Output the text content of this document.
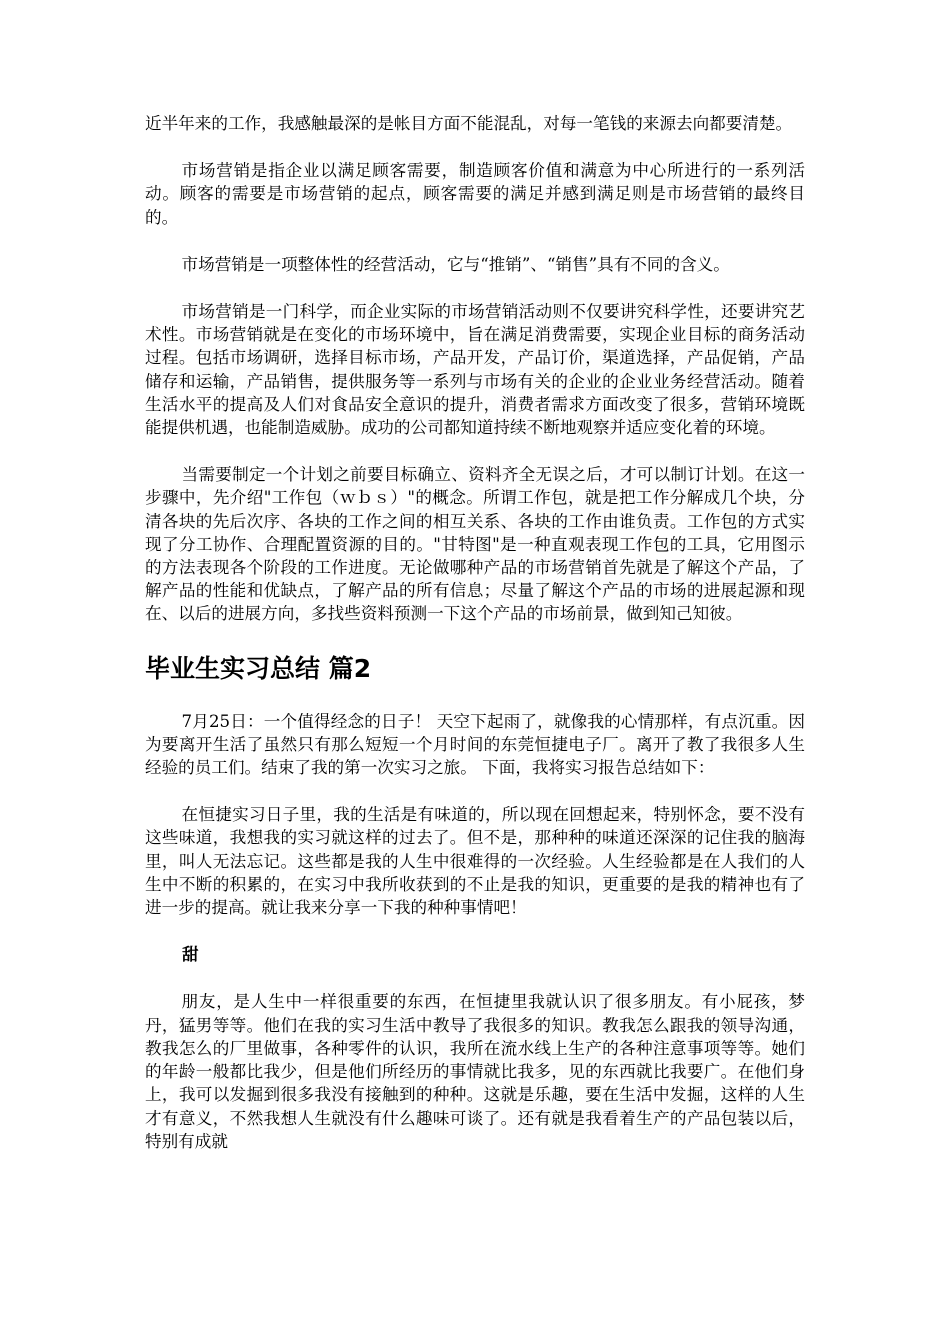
近半年来的工作，我感触最深的是帐目方面不能混乱，对每一笔钱的来源去向都要清楚。

市场营销是指企业以满足顾客需要，制造顾客价值和满意为中心所进行的一系列活动。顾客的需要是市场营销的起点，顾客需要的满足并感到满足则是市场营销的最终目的。

市场营销是一项整体性的经营活动，它与“推销”、“销售”具有不同的含义。

市场营销是一门科学，而企业实际的市场营销活动则不仅要讲究科学性，还要讲究艺术性。市场营销就是在变化的市场环境中，旨在满足消费需要，实现企业目标的商务活动过程。包括市场调研，选择目标市场，产品开发，产品订价，渠道选择，产品促销，产品储存和运输，产品销售，提供服务等一系列与市场有关的企业的企业业务经营活动。随着生活水平的提高及人们对食品安全意识的提升，消费者需求方面改变了很多，营销环境既能提供机遇，也能制造威胁。成功的公司都知道持续不断地观察并适应变化着的环境。

当需要制定一个计划之前要目标确立、资料齐全无误之后，才可以制订计划。在这一步骤中，先介绍"工作包（ｗｂｓ）"的概念。所谓工作包，就是把工作分解成几个块，分清各块的先后次序、各块的工作之间的相互关系、各块的工作由谁负责。工作包的方式实现了分工协作、合理配置资源的目的。"甘特图"是一种直观表现工作包的工具，它用图示的方法表现各个阶段的工作进度。无论做哪种产品的市场营销首先就是了解这个产品，了解产品的性能和优缺点，了解产品的所有信息；尽量了解这个产品的市场的进展起源和现在、以后的进展方向，多找些资料预测一下这个产品的市场前景，做到知己知彼。

毕业生实习总结 篇2

7月25日：一个值得经念的日子！ 天空下起雨了，就像我的心情那样，有点沉重。因为要离开生活了虽然只有那么短短一个月时间的东莞恒捷电子厂。离开了教了我很多人生经验的员工们。结束了我的第一次实习之旅。 下面，我将实习报告总结如下：

在恒捷实习日子里，我的生活是有味道的，所以现在回想起来，特别怀念，要不没有这些味道，我想我的实习就这样的过去了。但不是，那种种的味道还深深的记住我的脑海里，叫人无法忘记。这些都是我的人生中很难得的一次经验。人生经验都是在人我们的人生中不断的积累的，在实习中我所收获到的不止是我的知识，更重要的是我的精神也有了进一步的提高。就让我来分享一下我的种种事情吧！

甜

朋友，是人生中一样很重要的东西，在恒捷里我就认识了很多朋友。有小屁孩，梦丹，猛男等等。他们在我的实习生活中教导了我很多的知识。教我怎么跟我的领导沟通，教我怎么的厂里做事，各种零件的认识，我所在流水线上生产的各种注意事项等等。她们的年龄一般都比我少，但是他们所经历的事情就比我多，见的东西就比我要广。在他们身上，我可以发掘到很多我没有接触到的种种。这就是乐趣，要在生活中发掘，这样的人生才有意义，不然我想人生就没有什么趣味可谈了。还有就是我看着生产的产品包装以后，特别有成就
